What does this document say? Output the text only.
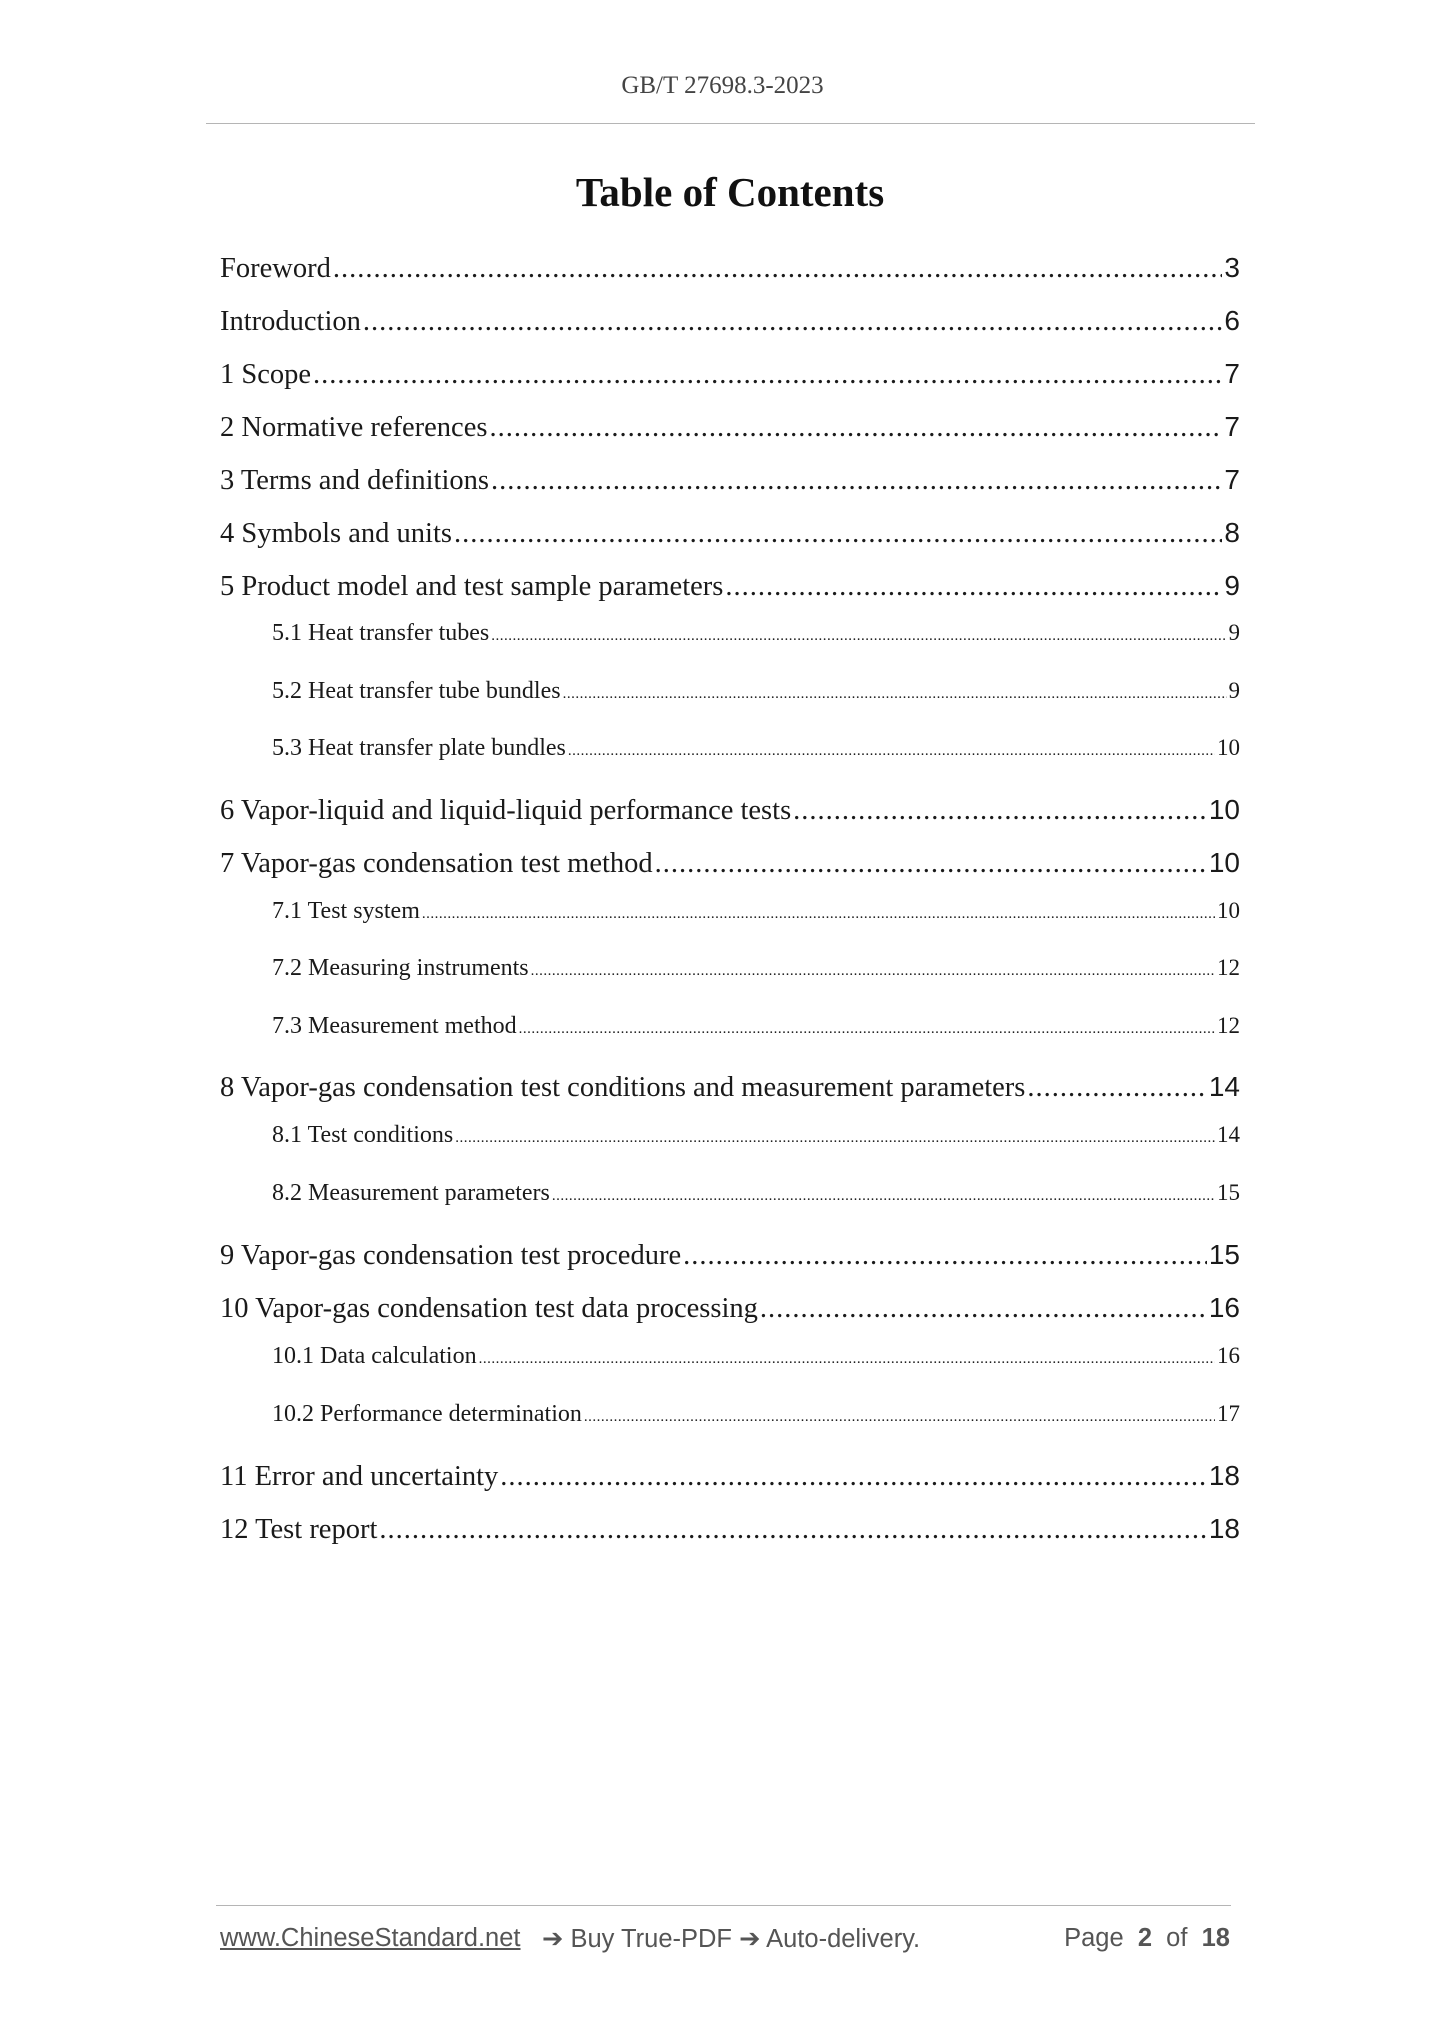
GB/T 27698.3-2023
Table of Contents
Foreword .....	3
Introduction .....	6
1 Scope .....	7
2 Normative references .....	7
3 Terms and definitions .....	7
4 Symbols and units .....	8
5 Product model and test sample parameters .....	9
5.1 Heat transfer tubes .....	9
5.2 Heat transfer tube bundles .....	9
5.3 Heat transfer plate bundles .....	10
6 Vapor-liquid and liquid-liquid performance tests .....	10
7 Vapor-gas condensation test method .....	10
7.1 Test system .....	10
7.2 Measuring instruments .....	12
7.3 Measurement method .....	12
8 Vapor-gas condensation test conditions and measurement parameters .....	14
8.1 Test conditions .....	14
8.2 Measurement parameters .....	15
9 Vapor-gas condensation test procedure .....	15
10 Vapor-gas condensation test data processing .....	16
10.1 Data calculation .....	16
10.2 Performance determination .....	17
11 Error and uncertainty .....	18
12 Test report .....	18
www.ChineseStandard.net ➔ Buy True-PDF ➔ Auto-delivery.	Page 2 of 18
